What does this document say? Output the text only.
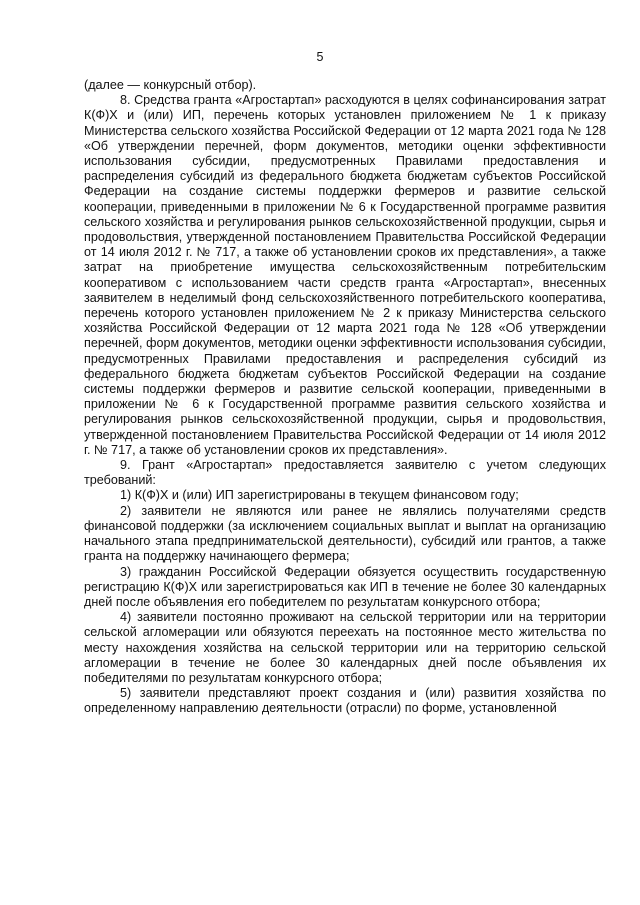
5

(далее — конкурсный отбор).

8. Средства гранта «Агростартап» расходуются в целях софинансирования затрат К(Ф)Х и (или) ИП, перечень которых установлен приложением № 1 к приказу Министерства сельского хозяйства Российской Федерации от 12 марта 2021 года № 128 «Об утверждении перечней, форм документов, методики оценки эффективности использования субсидии, предусмотренных Правилами предоставления и распределения субсидий из федерального бюджета бюджетам субъектов Российской Федерации на создание системы поддержки фермеров и развитие сельской кооперации, приведенными в приложении № 6 к Государственной программе развития сельского хозяйства и регулирования рынков сельскохозяйственной продукции, сырья и продовольствия, утвержденной постановлением Правительства Российской Федерации от 14 июля 2012 г. № 717, а также об установлении сроков их представления», а также затрат на приобретение имущества сельскохозяйственным потребительским кооперативом с использованием части средств гранта «Агростартап», внесенных заявителем в неделимый фонд сельскохозяйственного потребительского кооператива, перечень которого установлен приложением № 2 к приказу Министерства сельского хозяйства Российской Федерации от 12 марта 2021 года № 128 «Об утверждении перечней, форм документов, методики оценки эффективности использования субсидии, предусмотренных Правилами предоставления и распределения субсидий из федерального бюджета бюджетам субъектов Российской Федерации на создание системы поддержки фермеров и развитие сельской кооперации, приведенными в приложении № 6 к Государственной программе развития сельского хозяйства и регулирования рынков сельскохозяйственной продукции, сырья и продовольствия, утвержденной постановлением Правительства Российской Федерации от 14 июля 2012 г. № 717, а также об установлении сроков их представления».

9. Грант «Агростартап» предоставляется заявителю с учетом следующих требований:

1) К(Ф)Х и (или) ИП зарегистрированы в текущем финансовом году;

2) заявители не являются или ранее не являлись получателями средств финансовой поддержки (за исключением социальных выплат и выплат на организацию начального этапа предпринимательской деятельности), субсидий или грантов, а также гранта на поддержку начинающего фермера;

3) гражданин Российской Федерации обязуется осуществить государственную регистрацию К(Ф)Х или зарегистрироваться как ИП в течение не более 30 календарных дней после объявления его победителем по результатам конкурсного отбора;

4) заявители постоянно проживают на сельской территории или на территории сельской агломерации или обязуются переехать на постоянное место жительства по месту нахождения хозяйства на сельской территории или на территорию сельской агломерации в течение не более 30 календарных дней после объявления их победителями по результатам конкурсного отбора;

5) заявители представляют проект создания и (или) развития хозяйства по определенному направлению деятельности (отрасли) по форме, установленной
